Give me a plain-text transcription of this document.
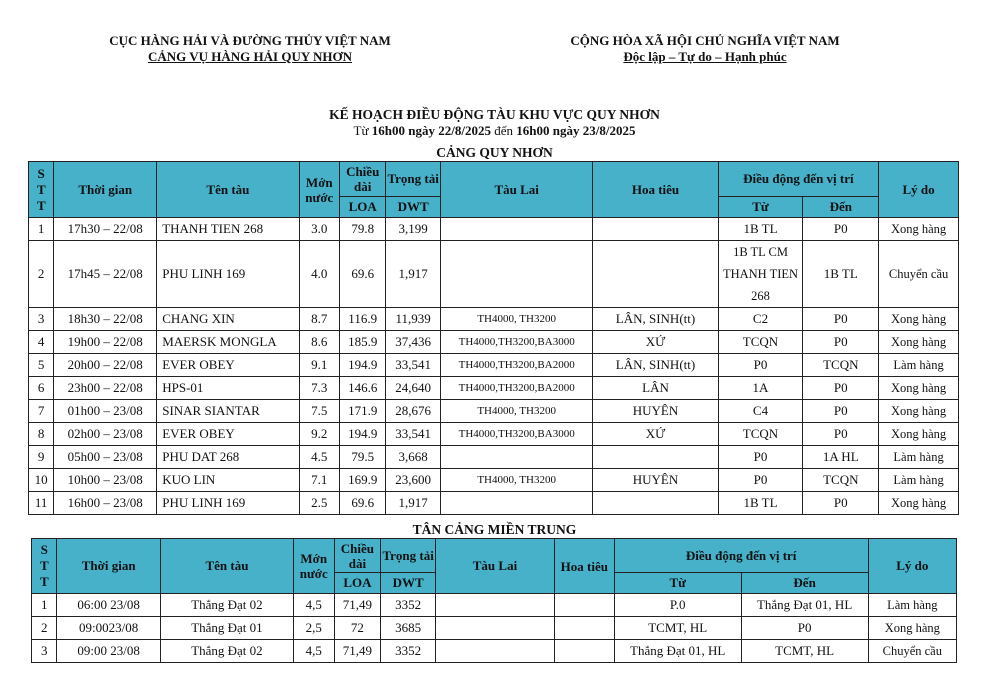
CỤC HÀNG HẢI VÀ ĐƯỜNG THỦY VIỆT NAM
CẢNG VỤ HÀNG HẢI QUY NHƠN
CỘNG HÒA XÃ HỘI CHỦ NGHĨA VIỆT NAM
Độc lập – Tự do – Hạnh phúc
KẾ HOẠCH ĐIỀU ĐỘNG TÀU KHU VỰC QUY NHƠN
Từ 16h00 ngày 22/8/2025 đến 16h00 ngày 23/8/2025
CẢNG QUY NHƠN
S T T	Thời gian	Tên tàu	Mớn nước	Chiều dài	Trọng tải	Tàu Lai	Hoa tiêu	Điều động đến vị trí		Lý do
				LOA	DWT			Từ	Đến	
1	17h30 – 22/08	THANH TIEN 268	3.0	79.8	3,199			1B TL	P0	Xong hàng
2	17h45 – 22/08	PHU LINH 169	4.0	69.6	1,917			1B TL CM THANH TIEN 268	1B TL	Chuyển cầu
3	18h30 – 22/08	CHANG XIN	8.7	116.9	11,939	TH4000, TH3200	LÂN, SINH(tt)	C2	P0	Xong hàng
4	19h00 – 22/08	MAERSK MONGLA	8.6	185.9	37,436	TH4000,TH3200,BA3000	XỨ	TCQN	P0	Xong hàng
5	20h00 – 22/08	EVER OBEY	9.1	194.9	33,541	TH4000,TH3200,BA2000	LÂN, SINH(tt)	P0	TCQN	Làm hàng
6	23h00 – 22/08	HPS-01	7.3	146.6	24,640	TH4000,TH3200,BA2000	LÂN	1A	P0	Xong hàng
7	01h00 – 23/08	SINAR SIANTAR	7.5	171.9	28,676	TH4000, TH3200	HUYÊN	C4	P0	Xong hàng
8	02h00 – 23/08	EVER OBEY	9.2	194.9	33,541	TH4000,TH3200,BA3000	XỨ	TCQN	P0	Xong hàng
9	05h00 – 23/08	PHU DAT 268	4.5	79.5	3,668			P0	1A HL	Làm hàng
10	10h00 – 23/08	KUO LIN	7.1	169.9	23,600	TH4000, TH3200	HUYÊN	P0	TCQN	Làm hàng
11	16h00 – 23/08	PHU LINH 169	2.5	69.6	1,917			1B TL	P0	Xong hàng
TÂN CẢNG MIỀN TRUNG
S T T	Thời gian	Tên tàu	Mớn nước	Chiều dài	Trọng tải	Tàu Lai	Hoa tiêu	Điều động đến vị trí		Lý do
				LOA	DWT			Từ	Đến	
1	06:00 23/08	Thắng Đạt 02	4,5	71,49	3352			P.0	Thắng Đạt 01, HL	Làm hàng
2	09:0023/08	Thắng Đạt 01	2,5	72	3685			TCMT, HL	P0	Xong hàng
3	09:00 23/08	Thắng Đạt 02	4,5	71,49	3352			Thắng Đạt 01, HL	TCMT, HL	Chuyển cầu
